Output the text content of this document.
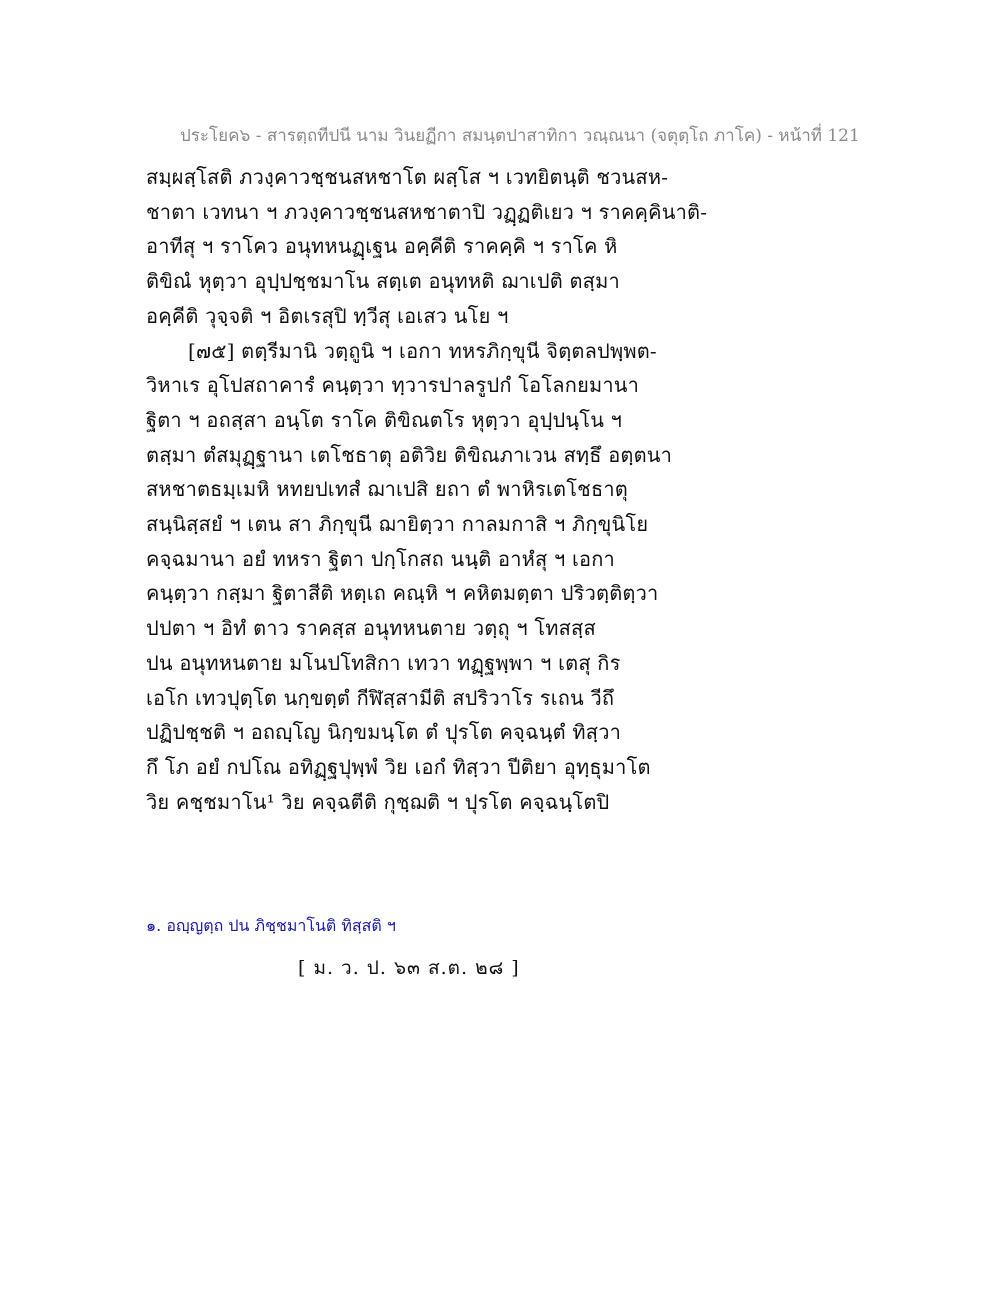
ประโยค๖ - สารตฺถทีปนี นาม วินยฏีกา สมนฺตปาสาทิกา วณฺณนา (จตุตฺโถ ภาโค) - หน้าที่ 121
สมฺผสฺโสติ ภวงฺคาวชฺชนสหชาโต ผสฺโส ฯ เวทยิตนฺติ ชวนสห-
ชาตา เวทนา ฯ ภวงฺคาวชฺชนสหชาตาปิ วฏฺฏติเยว ฯ ราคคฺคินาติ-
อาทีสุ ฯ ราโคว อนุทหนฏฺเฐน อคฺคีติ ราคคฺคิ ฯ ราโค หิ
ติขิณํ หุตฺวา อุปฺปชฺชมาโน สตฺเต อนุทหติ ฌาเปติ ตสฺมา
อคฺคีติ วุจฺจติ ฯ อิตเรสุปิ ทฺวีสุ เอเสว นโย ฯ
[๗๕] ตตฺรีมานิ วตฺถูนิ ฯ เอกา ทหรภิกฺขุนี จิตฺตลปพฺพต-
วิหาเร อุโปสถาคารํ คนฺตฺวา ทฺวารปาลรูปกํ โอโลกยมานา
ฐิตา ฯ อถสฺสา อนฺโต ราโค ติขิณตโร หุตฺวา อุปฺปนฺโน ฯ
ตสฺมา ตํสมุฏฺฐานา เตโชธาตุ อติวิย ติขิณภาเวน สทฺธึ อตฺตนา
สหชาตธมฺเมหิ หทยปเทสํ ฌาเปสิ ยถา ตํ พาหิรเตโชธาตุ
สนฺนิสฺสยํ ฯ เตน สา ภิกฺขุนี ฌายิตฺวา กาลมกาสิ ฯ ภิกฺขุนิโย
คจฺฉมานา อยํ ทหรา ฐิตา ปกฺโกสถ นนฺติ อาหํสุ ฯ เอกา
คนฺตฺวา กสฺมา ฐิตาสีติ หตฺเถ คณฺหิ ฯ คหิตมตฺตา ปริวตฺติตฺวา
ปปตา ฯ อิทํ ตาว ราคสฺส อนุทหนตาย วตฺถุ ฯ โทสสฺส
ปน อนุทหนตาย มโนปโทสิกา เทวา ทฏฺฐพฺพา ฯ เตสุ กิร
เอโก เทวปุตฺโต นกฺขตฺตํ กีฬิสฺสามีติ สปริวาโร รเถน วีถึ
ปฏิปชฺชติ ฯ อถญฺโญ นิกฺขมนฺโต ตํ ปุรโต คจฺฉนฺตํ ทิสฺวา
กึ โภ อยํ กปโณ อทิฏฺฐปุพฺพํ วิย เอกํ ทิสฺวา ปีติยา อุทฺธุมาโต
วิย คชฺชมาโน¹ วิย คจฺฉตีติ กุชฺฌติ ฯ ปุรโต คจฺฉนฺโตปิ
๑. อญฺญตฺถ ปน ภิชฺชมาโนติ ทิสฺสติ ฯ
[ ม. ว. ป. ๖๓ ส.ต. ๒๘ ]
